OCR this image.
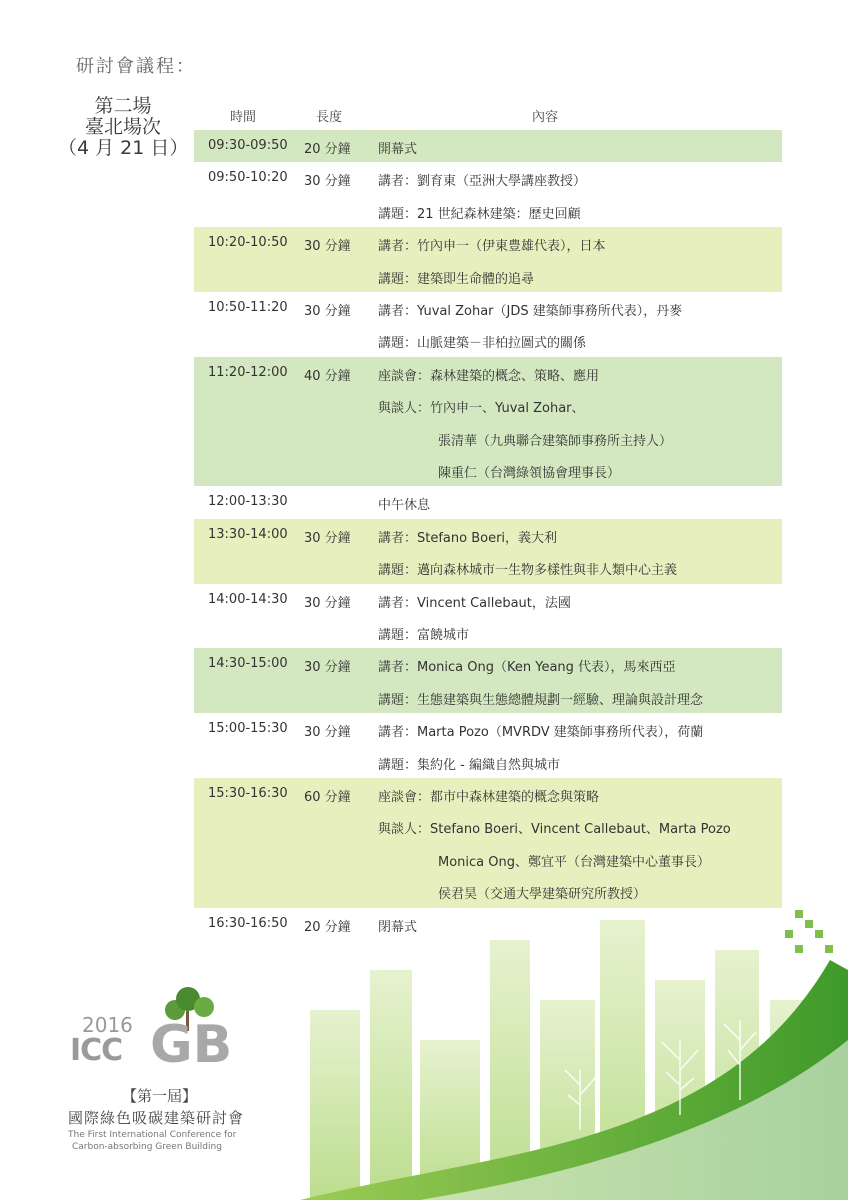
研討會議程：
第二場
臺北場次
（4 月 21 日）
時間	長度	內容
09:30-09:50 20 分鐘 開幕式
09:50-10:20 30 分鐘 講者：劉育東（亞洲大學講座教授）
講題：21 世紀森林建築：歷史回顧
10:20-10:50 30 分鐘 講者：竹內申一（伊東豊雄代表），日本
講題：建築即生命體的追尋
10:50-11:20 30 分鐘 講者：Yuval Zohar（JDS 建築師事務所代表），丹麥
講題：山脈建築－非柏拉圖式的關係
11:20-12:00 40 分鐘 座談會：森林建築的概念、策略、應用
與談人：竹內申一、Yuval Zohar、
張清華（九典聯合建築師事務所主持人）
陳重仁（台灣綠領協會理事長）
12:00-13:30	中午休息
13:30-14:00 30 分鐘 講者：Stefano Boeri，義大利
講題：邁向森林城市一生物多樣性與非人類中心主義
14:00-14:30 30 分鐘 講者：Vincent Callebaut，法國
講題：富饒城市
14:30-15:00 30 分鐘 講者：Monica Ong（Ken Yeang 代表），馬來西亞
講題：生態建築與生態總體規劃一經驗、理論與設計理念
15:00-15:30 30 分鐘 講者：Marta Pozo（MVRDV 建築師事務所代表），荷蘭
講題：集約化 - 編織自然與城市
15:30-16:30 60 分鐘 座談會：都市中森林建築的概念與策略
與談人：Stefano Boeri、Vincent Callebaut、Marta Pozo
Monica Ong、鄭宜平（台灣建築中心董事長）
侯君昊（交通大學建築研究所教授）
16:30-16:50 20 分鐘 閉幕式
2016
ICC GB
【第一屆】
國際綠色吸碳建築研討會
The First International Conference for
Carbon-absorbing Green Building
